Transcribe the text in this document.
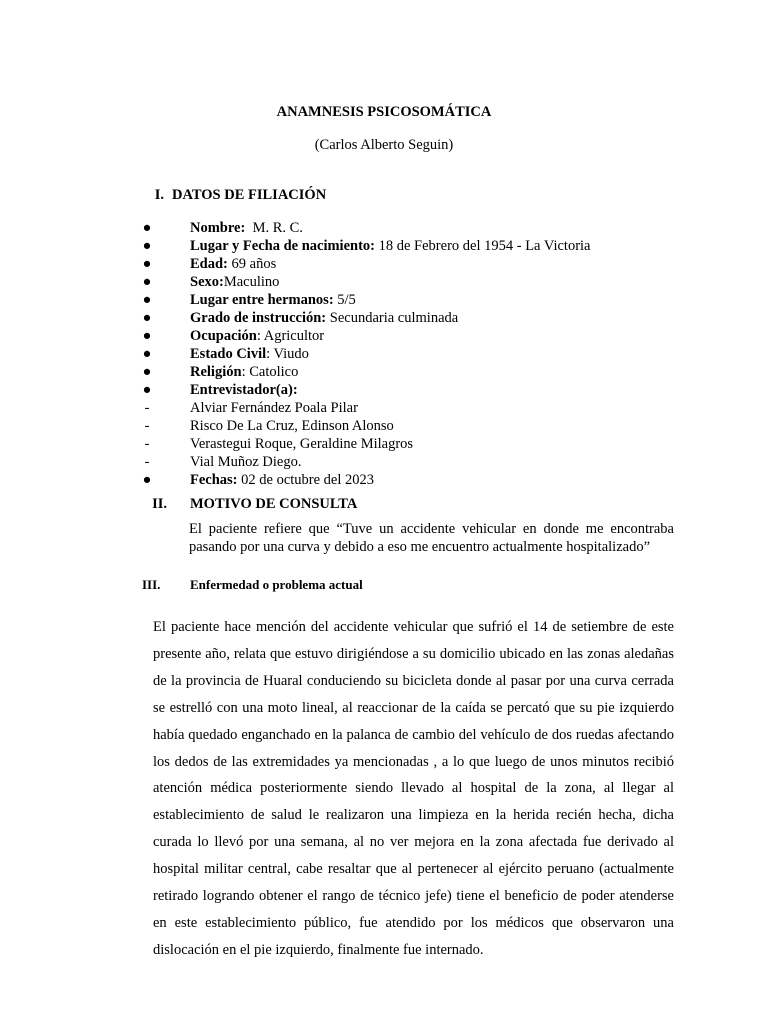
ANAMNESIS PSICOSOMÁTICA
(Carlos Alberto Seguin)
I. DATOS DE FILIACIÓN
●	Nombre:  M. R. C.
●	Lugar y Fecha de nacimiento: 18 de Febrero del 1954 - La Victoria
●	Edad: 69 años
●	Sexo:Maculino
●	Lugar entre hermanos: 5/5
●	Grado de instrucción: Secundaria culminada
●	Ocupación: Agricultor
●	Estado Civil: Viudo
●	Religión: Catolico
●	Entrevistador(a):
-	Alviar Fernández Poala Pilar
-	Risco De La Cruz, Edinson Alonso
-	Verastegui Roque, Geraldine Milagros
-	Vial Muñoz Diego.
●	Fechas: 02 de octubre del 2023
II. MOTIVO DE CONSULTA

El paciente refiere que “Tuve un accidente vehicular en donde me encontraba pasando por una curva y debido a eso me encuentro actualmente hospitalizado”

III.	Enfermedad o problema actual

El paciente hace mención del accidente vehicular que sufrió el 14 de setiembre de este presente año, relata que estuvo dirigiéndose a su domicilio ubicado en las zonas aledañas de la provincia de Huaral conduciendo su bicicleta donde al pasar por una curva cerrada se estrelló con una moto lineal, al reaccionar de la caída se percató que su pie izquierdo había quedado enganchado en la palanca de cambio del vehículo de dos ruedas afectando los dedos de las extremidades ya mencionadas , a lo que luego de unos minutos recibió atención médica posteriormente siendo llevado al hospital de la zona, al llegar al establecimiento de salud le realizaron una limpieza en la herida recién hecha, dicha curada lo llevó por una semana, al no ver mejora en la zona afectada fue derivado al hospital militar central, cabe resaltar que al pertenecer al ejército peruano (actualmente retirado logrando obtener el rango de técnico jefe) tiene el beneficio de poder atenderse en este establecimiento público, fue atendido por los médicos que observaron una dislocación en el pie izquierdo, finalmente fue internado.
